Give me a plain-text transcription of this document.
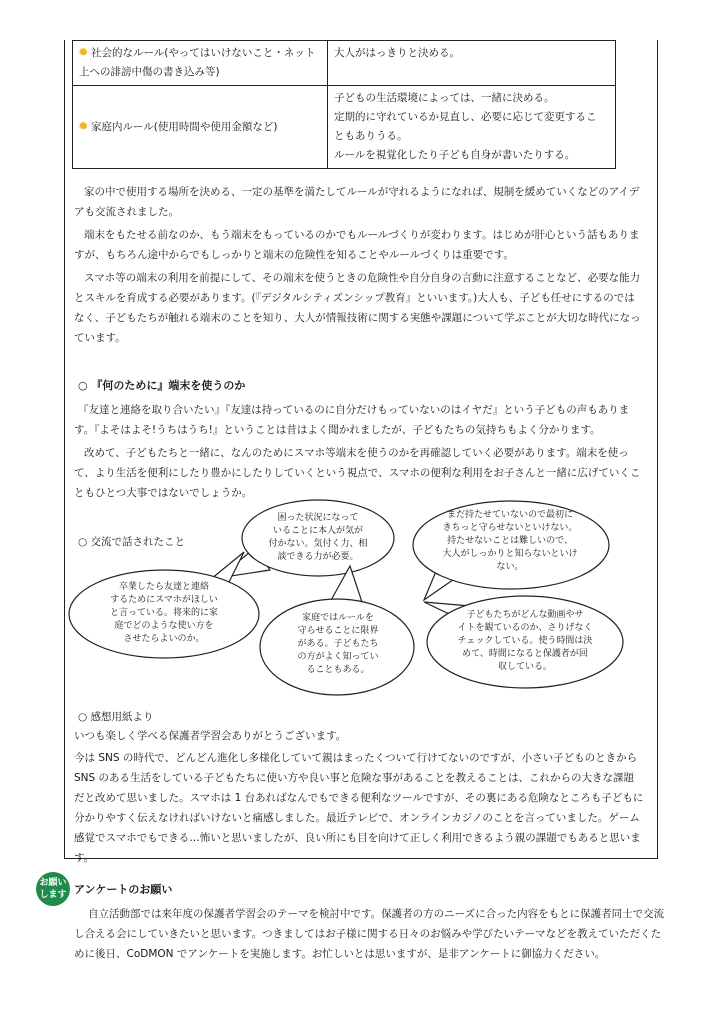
✹社会的なルール(やってはいけないこと・ネット
上への誹謗中傷の書き込み等)	大人がはっきりと決める。

✹家庭内ルール(使用時間や使用金額など)	子どもの生活環境によっては、一緒に決める。
定期的に守れているか見直し、必要に応じて変更するこ
ともありうる。
ルールを視覚化したり子ども自身が書いたりする。

家の中で使用する場所を決める、一定の基準を満たしてルールが守れるようになれば、規制を緩めていくなどのアイデアも交流されました。

端末をもたせる前なのか、もう端末をもっているのかでもルールづくりが変わります。はじめが肝心という話もありますが、もちろん途中からでもしっかりと端末の危険性を知ることやルールづくりは重要です。

スマホ等の端末の利用を前提にして、その端末を使うときの危険性や自分自身の言動に注意することなど、必要な能力とスキルを育成する必要があります。(『デジタルシティズンシップ教育』といいます。)大人も、子ども任せにするのではなく、子どもたちが触れる端末のことを知り、大人が情報技術に関する実態や課題について学ぶことが大切な時代になっています。

○ 『何のために』端末を使うのか

『友達と連絡を取り合いたい』『友達は持っているのに自分だけもっていないのはイヤだ』という子どもの声もあります。『よそはよそ!うちはうち!』ということは昔はよく聞かれましたが、子どもたちの気持ちもよく分かります。

改めて、子どもたちと一緒に、なんのためにスマホ等端末を使うのかを再確認していく必要があります。端末を使って、より生活を便利にしたり豊かにしたりしていくという視点で、スマホの便利な利用をお子さんと一緒に広げていくこともひとつ大事ではないでしょうか。

○ 交流で話されたこと
困った状況になって
いることに本人が気が
付かない。気付く力、相
談できる力が必要。
まだ持たせていないので最初に
きちっと守らせないといけない。
持たせないことは難しいので、
大人がしっかりと知らないといけ
ない。
卒業したら友達と連絡
するためにスマホがほしい
と言っている。将来的に家
庭でどのような使い方を
させたらよいのか。
家庭ではルールを
守らせることに限界
がある。子どもたち
の方がよく知ってい
ることもある。
子どもたちがどんな動画やサ
イトを観ているのか、さりげなく
チェックしている。使う時間は決
めて、時間になると保護者が回
収している。
○ 感想用紙より

いつも楽しく学べる保護者学習会ありがとうございます。

今は SNS の時代で、どんどん進化し多様化していて親はまったくついて行けてないのですが、小さい子どものときから SNS のある生活をしている子どもたちに使い方や良い事と危険な事があることを教えることは、これからの大きな課題だと改めて思いました。スマホは 1 台あればなんでもできる便利なツールですが、その裏にある危険なところも子どもに分かりやすく伝えなければいけないと痛感しました。最近テレビで、オンラインカジノのことを言っていました。ゲーム感覚でスマホでもできる…怖いと思いましたが、良い所にも目を向けて正しく利用できるよう親の課題でもあると思います。

お願い
します アンケートのお願い

自立活動部では来年度の保護者学習会のテーマを検討中です。保護者の方のニーズに合った内容をもとに保護者同士で交流し合える会にしていきたいと思います。つきましてはお子様に関する日々のお悩みや学びたいテーマなどを教えていただくために後日、CoDMON でアンケートを実施します。お忙しいとは思いますが、是非アンケートに御協力ください。
